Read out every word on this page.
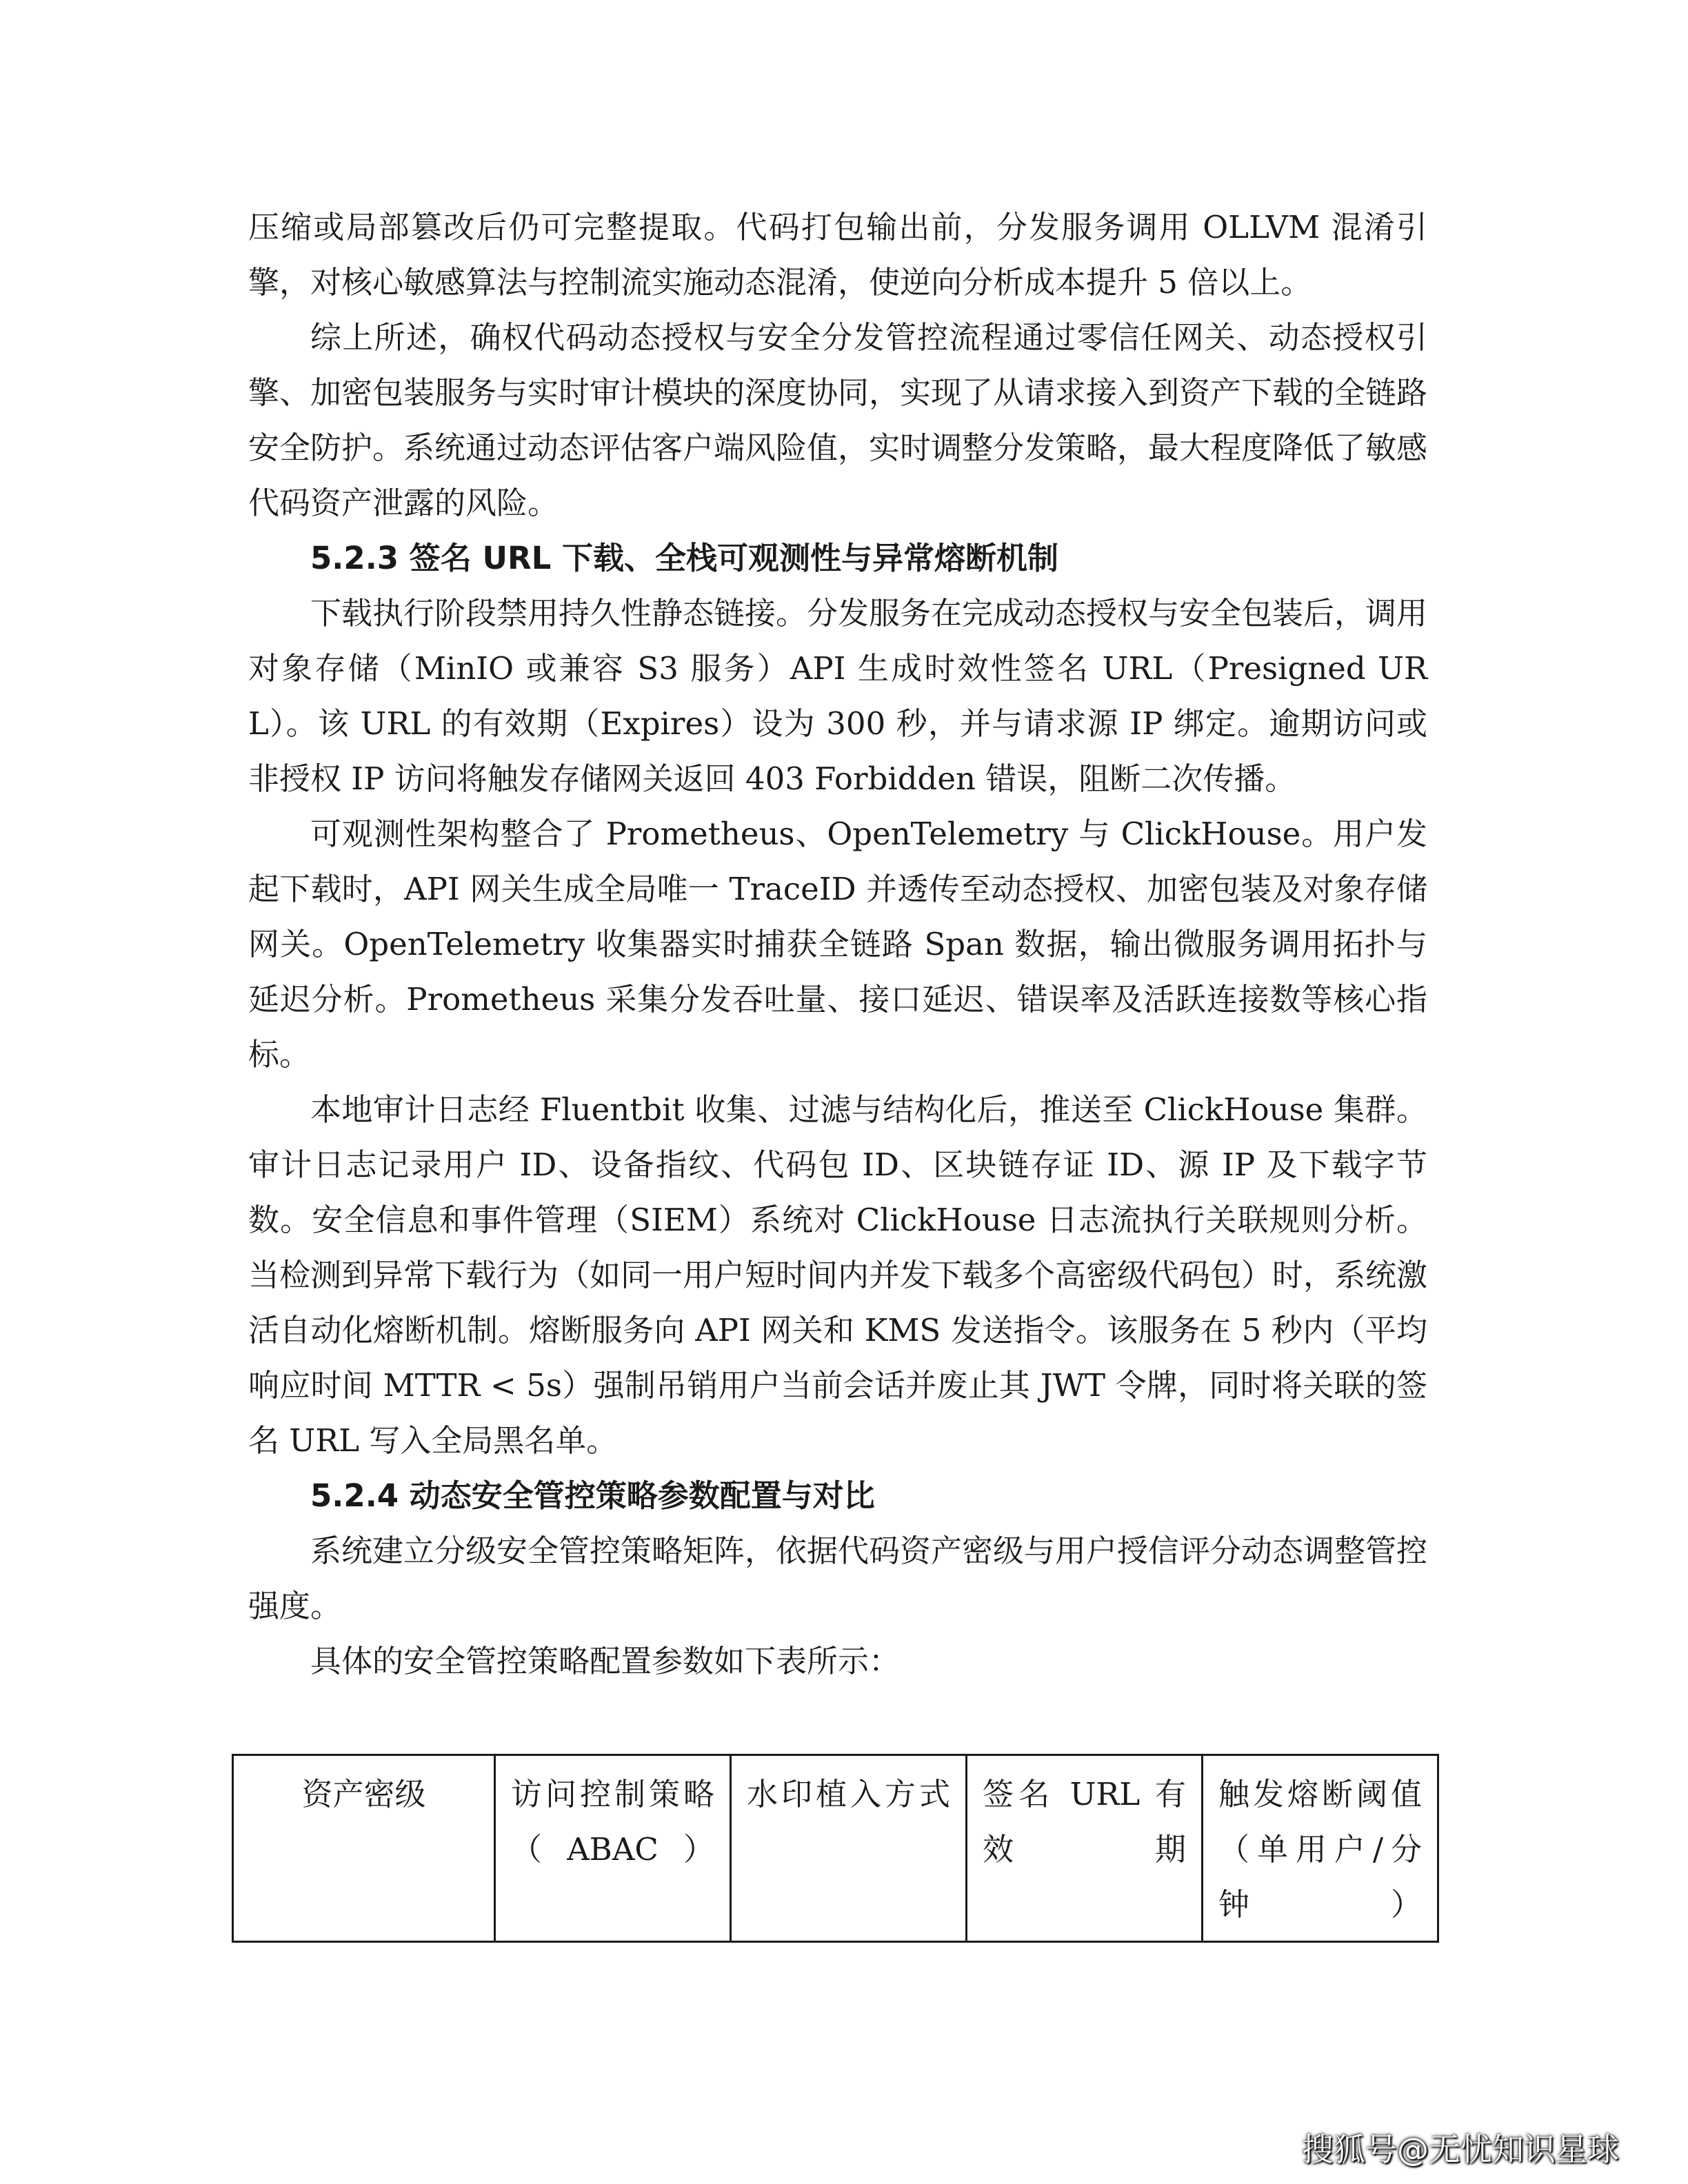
压缩或局部篡改后仍可完整提取。代码打包输出前，分发服务调用 OLLVM 混淆引擎，对核心敏感算法与控制流实施动态混淆，使逆向分析成本提升 5 倍以上。

综上所述，确权代码动态授权与安全分发管控流程通过零信任网关、动态授权引擎、加密包装服务与实时审计模块的深度协同，实现了从请求接入到资产下载的全链路安全防护。系统通过动态评估客户端风险值，实时调整分发策略，最大程度降低了敏感代码资产泄露的风险。

5.2.3 签名 URL 下载、全栈可观测性与异常熔断机制

下载执行阶段禁用持久性静态链接。分发服务在完成动态授权与安全包装后，调用对象存储（MinIO 或兼容 S3 服务）API 生成时效性签名 URL（Presigned URL）。该 URL 的有效期（Expires）设为 300 秒，并与请求源 IP 绑定。逾期访问或非授权 IP 访问将触发存储网关返回 403 Forbidden 错误，阻断二次传播。

可观测性架构整合了 Prometheus、OpenTelemetry 与 ClickHouse。用户发起下载时，API 网关生成全局唯一 TraceID 并透传至动态授权、加密包装及对象存储网关。OpenTelemetry 收集器实时捕获全链路 Span 数据，输出微服务调用拓扑与延迟分析。Prometheus 采集分发吞吐量、接口延迟、错误率及活跃连接数等核心指标。

本地审计日志经 Fluentbit 收集、过滤与结构化后，推送至 ClickHouse 集群。审计日志记录用户 ID、设备指纹、代码包 ID、区块链存证 ID、源 IP 及下载字节数。安全信息和事件管理（SIEM）系统对 ClickHouse 日志流执行关联规则分析。当检测到异常下载行为（如同一用户短时间内并发下载多个高密级代码包）时，系统激活自动化熔断机制。熔断服务向 API 网关和 KMS 发送指令。该服务在 5 秒内（平均响应时间 MTTR < 5s）强制吊销用户当前会话并废止其 JWT 令牌，同时将关联的签名 URL 写入全局黑名单。

5.2.4 动态安全管控策略参数配置与对比

系统建立分级安全管控策略矩阵，依据代码资产密级与用户授信评分动态调整管控强度。

具体的安全管控策略配置参数如下表所示：

资产密级	访问控制策略（ABAC）	水印植入方式	签名 URL 有效期	触发熔断阈值（单用户/分钟）
搜狐号@无忧知识星球
